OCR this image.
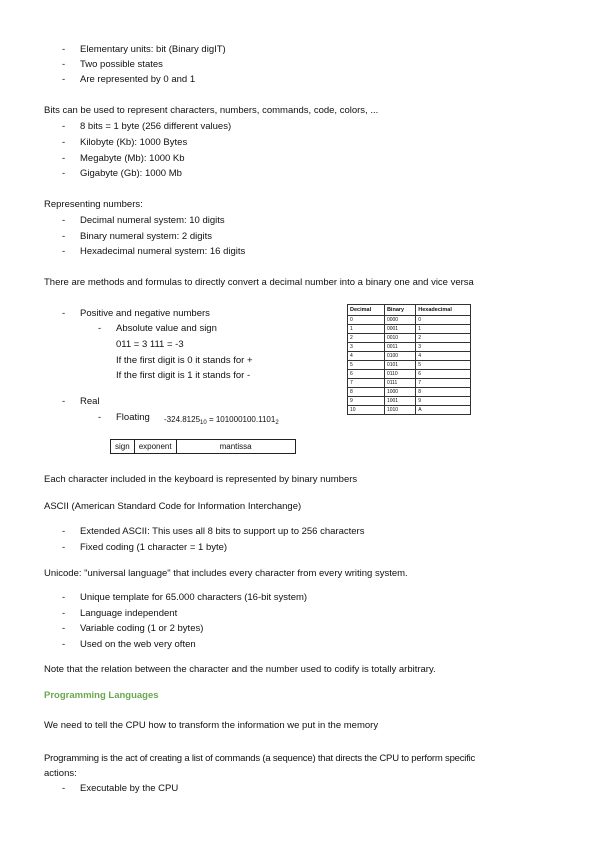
- Elementary units: bit (Binary digIT)
- Two possible states
- Are represented by 0 and 1
Bits can be used to represent characters, numbers, commands, code, colors, ...
- 8 bits = 1 byte (256 different values)
- Kilobyte (Kb): 1000 Bytes
- Megabyte (Mb): 1000 Kb
- Gigabyte (Gb): 1000 Mb
Representing numbers:
- Decimal numeral system: 10 digits
- Binary numeral system: 2 digits
- Hexadecimal numeral system: 16 digits
There are methods and formulas to directly convert a decimal number into a binary one and vice versa
- Positive and negative numbers
- Absolute value and sign
011 = 3 111 = -3
If the first digit is 0 it stands for +
If the first digit is 1 it stands for -
- Real
- Floating $-324.8125_{10} = 101000100.1101_2$
sign	exponent	mantissa
Decimal	Binary	Hexadecimal
0	0000	0
1	0001	1
2	0010	2
3	0011	3
4	0100	4
5	0101	5
6	0110	6
7	0111	7
8	1000	8
9	1001	9
10	1010	A
Each character included in the keyboard is represented by binary numbers
ASCII (American Standard Code for Information Interchange)
- Extended ASCII: This uses all 8 bits to support up to 256 characters
- Fixed coding (1 character = 1 byte)
Unicode: "universal language" that includes every character from every writing system.
- Unique template for 65.000 characters (16-bit system)
- Language independent
- Variable coding (1 or 2 bytes)
- Used on the web very often
Note that the relation between the character and the number used to codify is totally arbitrary.
Programming Languages
We need to tell the CPU how to transform the information we put in the memory
Programming is the act of creating a list of commands (a sequence) that directs the CPU to perform specific
actions:
- Executable by the CPU
